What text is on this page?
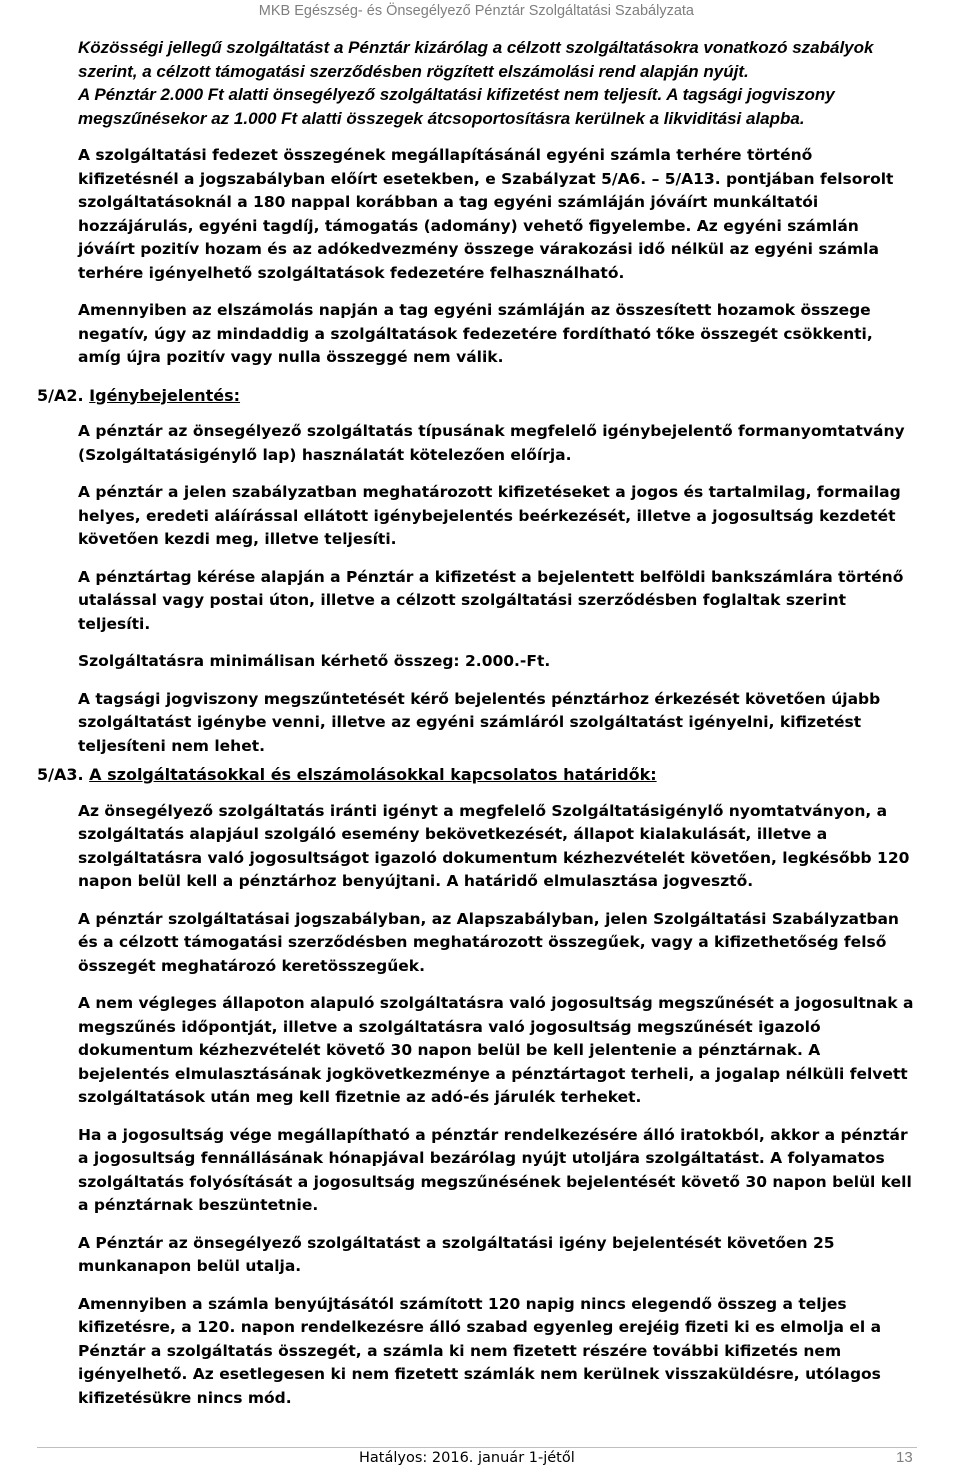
MKB Egészség- és Önsegélyező Pénztár Szolgáltatási Szabályzata

Közösségi jellegű szolgáltatást a Pénztár kizárólag a célzott szolgáltatásokra vonatkozó szabályok szerint, a célzott támogatási szerződésben rögzített elszámolási rend alapján nyújt.

A Pénztár 2.000 Ft alatti önsegélyező szolgáltatási kifizetést nem teljesít. A tagsági jogviszony megszűnésekor az 1.000 Ft alatti összegek átcsoportosításra kerülnek a likviditási alapba.

A szolgáltatási fedezet összegének megállapításánál egyéni számla terhére történő kifizetésnél a jogszabályban előírt esetekben, e Szabályzat 5/A6. – 5/A13. pontjában felsorolt szolgáltatásoknál a 180 nappal korábban a tag egyéni számláján jóváírt munkáltatói hozzájárulás, egyéni tagdíj, támogatás (adomány) vehető figyelembe. Az egyéni számlán jóváírt pozitív hozam és az adókedvezmény összege várakozási idő nélkül az egyéni számla terhére igényelhető szolgáltatások fedezetére felhasználható.

Amennyiben az elszámolás napján a tag egyéni számláján az összesített hozamok összege negatív, úgy az mindaddig a szolgáltatások fedezetére fordítható tőke összegét csökkenti, amíg újra pozitív vagy nulla összeggé nem válik.

5/A2. Igénybejelentés:

A pénztár az önsegélyező szolgáltatás típusának megfelelő igénybejelentő formanyomtatvány (Szolgáltatásigénylő lap) használatát kötelezően előírja.

A pénztár a jelen szabályzatban meghatározott kifizetéseket a jogos és tartalmilag, formailag helyes, eredeti aláírással ellátott igénybejelentés beérkezését, illetve a jogosultság kezdetét követően kezdi meg, illetve teljesíti.

A pénztártag kérése alapján a Pénztár a kifizetést a bejelentett belföldi bankszámlára történő utalással vagy postai úton, illetve a célzott szolgáltatási szerződésben foglaltak szerint teljesíti.

Szolgáltatásra minimálisan kérhető összeg: 2.000.-Ft.

A tagsági jogviszony megszűntetését kérő bejelentés pénztárhoz érkezését követően újabb szolgáltatást igénybe venni, illetve az egyéni számláról szolgáltatást igényelni, kifizetést teljesíteni nem lehet.

5/A3. A szolgáltatásokkal és elszámolásokkal kapcsolatos határidők:

Az önsegélyező szolgáltatás iránti igényt a megfelelő Szolgáltatásigénylő nyomtatványon, a szolgáltatás alapjául szolgáló esemény bekövetkezését, állapot kialakulását, illetve a szolgáltatásra való jogosultságot igazoló dokumentum kézhezvételét követően, legkésőbb 120 napon belül kell a pénztárhoz benyújtani. A határidő elmulasztása jogvesztő.

A pénztár szolgáltatásai jogszabályban, az Alapszabályban, jelen Szolgáltatási Szabályzatban és a célzott támogatási szerződésben meghatározott összegűek, vagy a kifizethetőség felső összegét meghatározó keretösszegűek.

A nem végleges állapoton alapuló szolgáltatásra való jogosultság megszűnését a jogosultnak a megszűnés időpontját, illetve a szolgáltatásra való jogosultság megszűnését igazoló dokumentum kézhezvételét követő 30 napon belül be kell jelentenie a pénztárnak. A bejelentés elmulasztásának jogkövetkezménye a pénztártagot terheli, a jogalap nélküli felvett szolgáltatások után meg kell fizetnie az adó-és járulék terheket.

Ha a jogosultság vége megállapítható a pénztár rendelkezésére álló iratokból, akkor a pénztár a jogosultság fennállásának hónapjával bezárólag nyújt utoljára szolgáltatást. A folyamatos szolgáltatás folyósítását a jogosultság megszűnésének bejelentését követő 30 napon belül kell a pénztárnak beszüntetnie.

A Pénztár az önsegélyező szolgáltatást a szolgáltatási igény bejelentését követően 25 munkanapon belül utalja.

Amennyiben a számla benyújtásától számított 120 napig nincs elegendő összeg a teljes kifizetésre, a 120. napon rendelkezésre álló szabad egyenleg erejéig fizeti ki es elmolja el a Pénztár a szolgáltatás összegét, a számla ki nem fizetett részére további kifizetés nem igényelhető. Az esetlegesen ki nem fizetett számlák nem kerülnek visszaküldésre, utólagos kifizetésükre nincs mód.

Hatályos: 2016. január 1-jétől	13
